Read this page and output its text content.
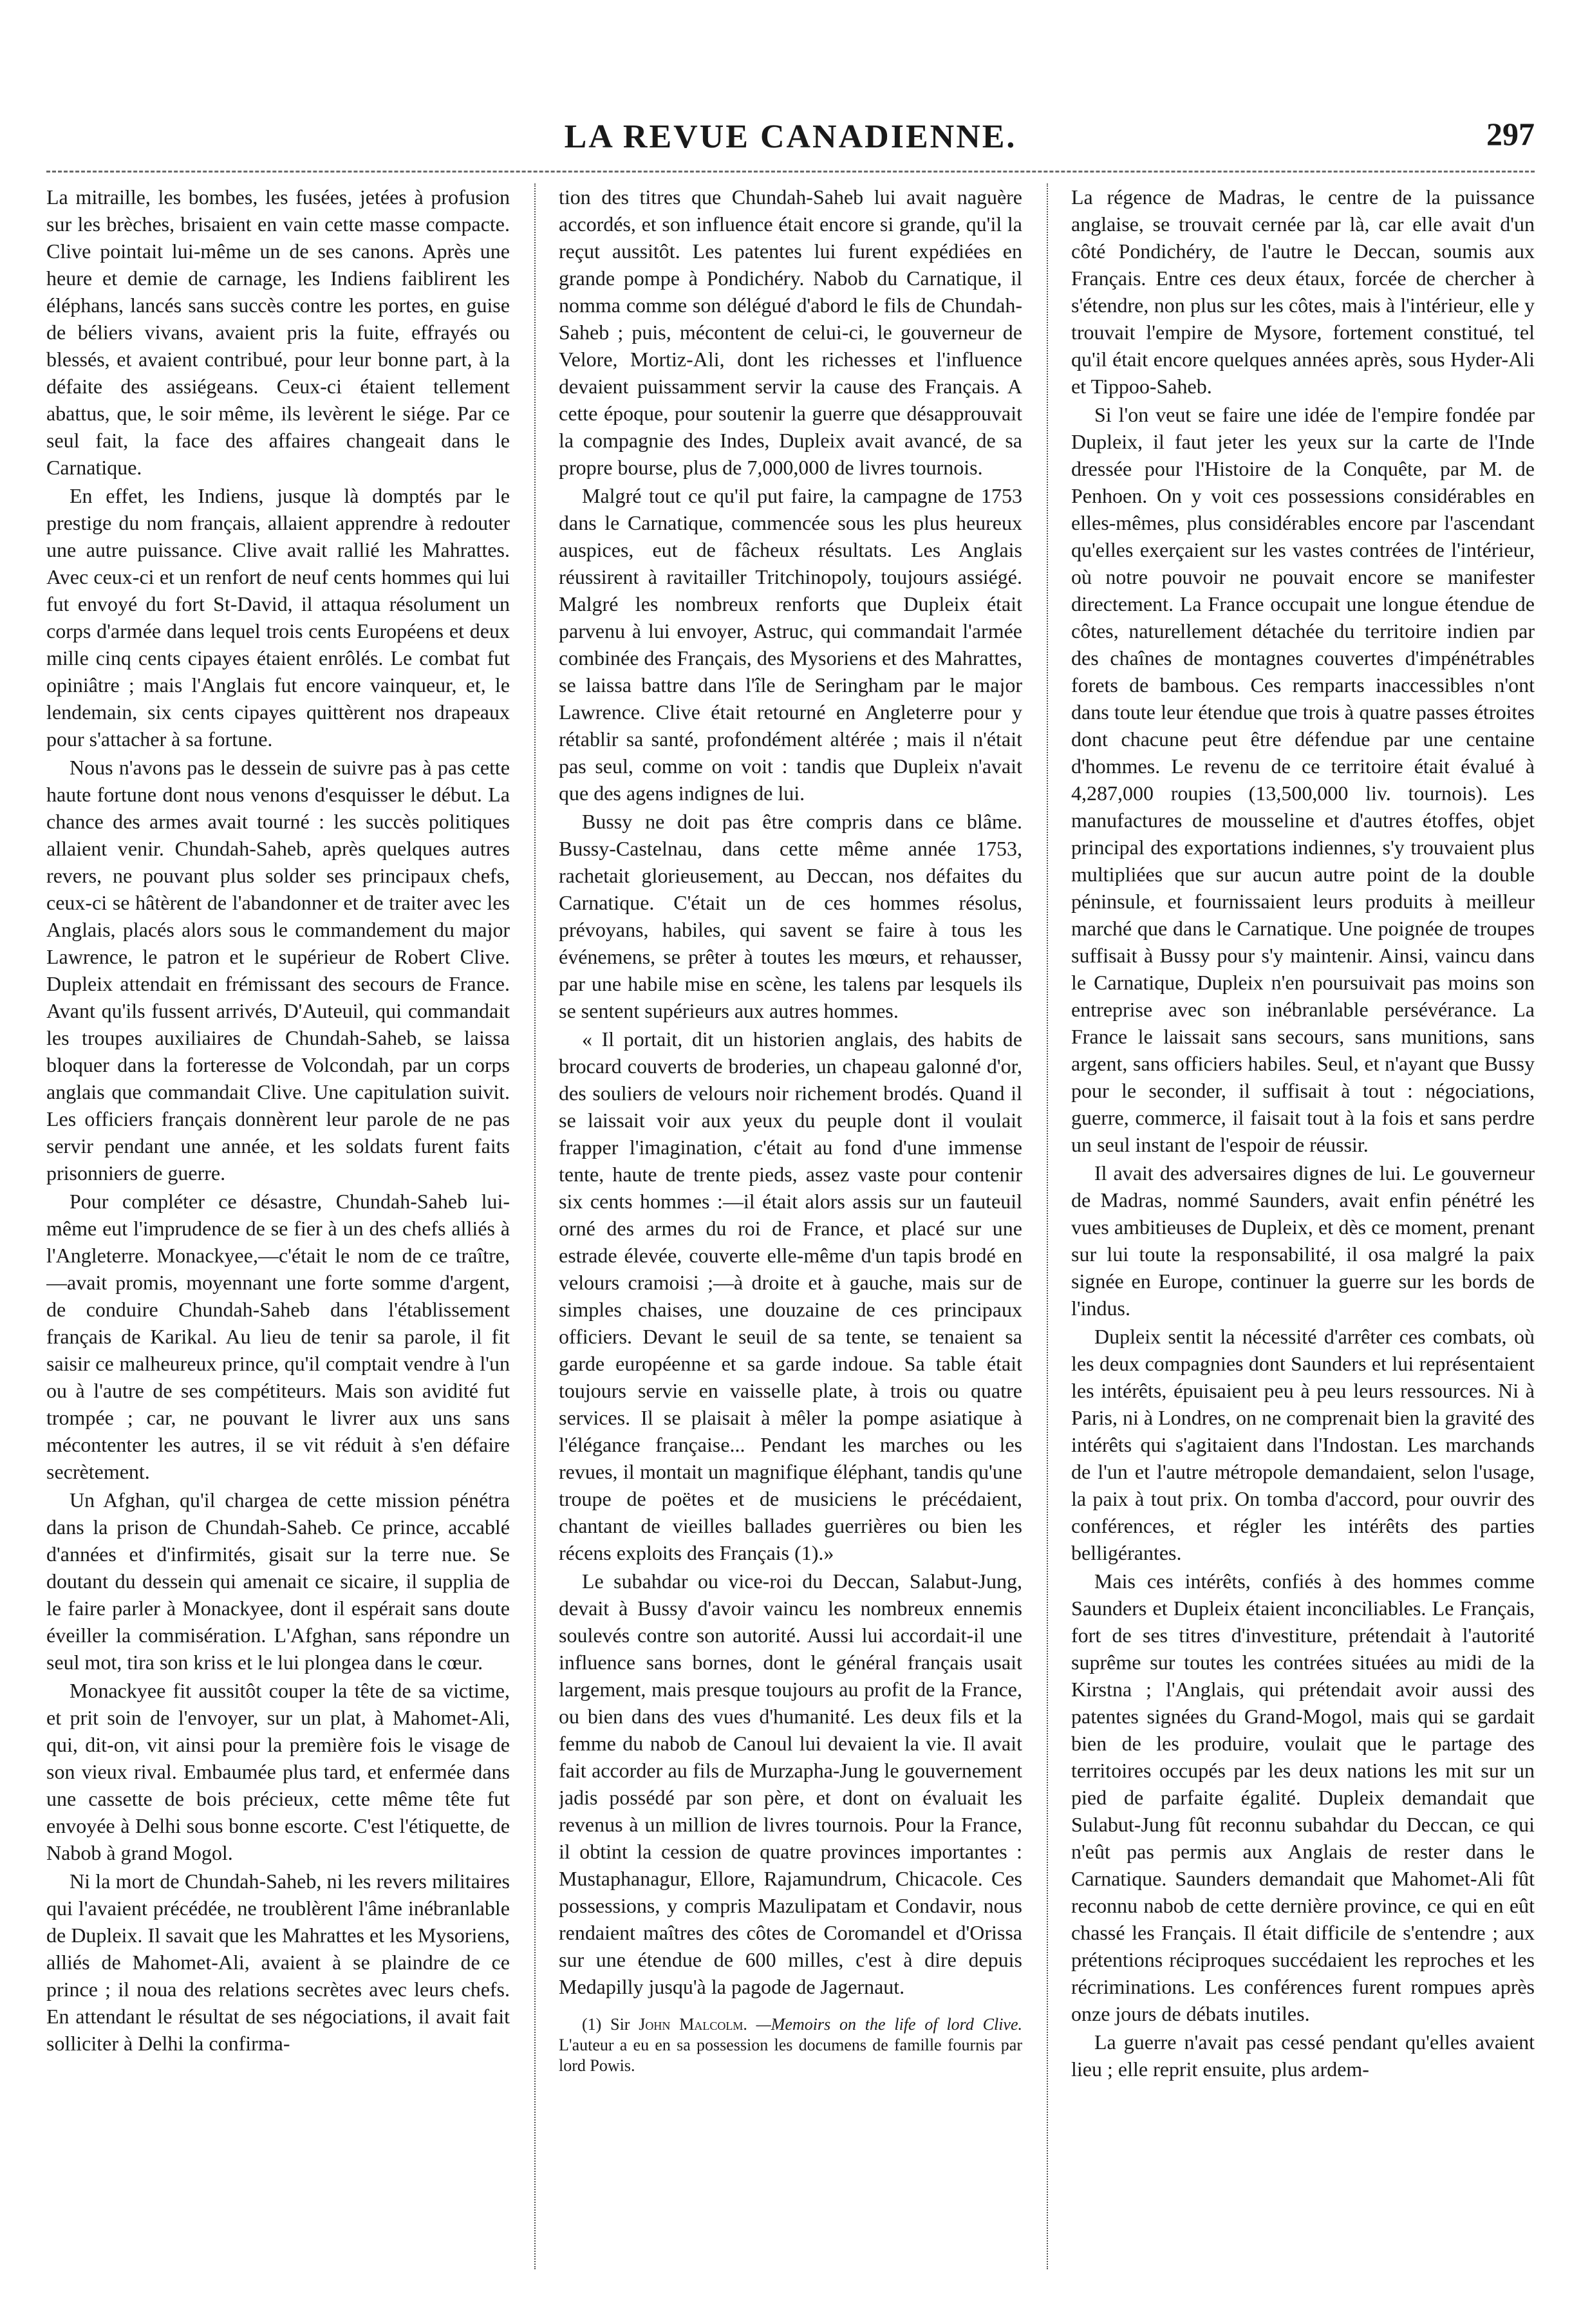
LA REVUE CANADIENNE.	297

La mitraille, les bombes, les fusées, jetées à profusion sur les brèches, brisaient en vain cette masse compacte. Clive pointait lui-même un de ses canons. Après une heure et demie de carnage, les Indiens faiblirent les éléphans, lancés sans succès contre les portes, en guise de béliers vivans, avaient pris la fuite, effrayés ou blessés, et avaient contribué, pour leur bonne part, à la défaite des assiégeans. Ceux-ci étaient tellement abattus, que, le soir même, ils levèrent le siége. Par ce seul fait, la face des affaires changeait dans le Carnatique.

En effet, les Indiens, jusque là domptés par le prestige du nom français, allaient apprendre à redouter une autre puissance. Clive avait rallié les Mahrattes. Avec ceux-ci et un renfort de neuf cents hommes qui lui fut envoyé du fort St-David, il attaqua résolument un corps d'armée dans lequel trois cents Européens et deux mille cinq cents cipayes étaient enrôlés. Le combat fut opiniâtre ; mais l'Anglais fut encore vainqueur, et, le lendemain, six cents cipayes quittèrent nos drapeaux pour s'attacher à sa fortune.

Nous n'avons pas le dessein de suivre pas à pas cette haute fortune dont nous venons d'esquisser le début. La chance des armes avait tourné : les succès politiques allaient venir. Chundah-Saheb, après quelques autres revers, ne pouvant plus solder ses principaux chefs, ceux-ci se hâtèrent de l'abandonner et de traiter avec les Anglais, placés alors sous le commandement du major Lawrence, le patron et le supérieur de Robert Clive. Dupleix attendait en frémissant des secours de France. Avant qu'ils fussent arrivés, D'Auteuil, qui commandait les troupes auxiliaires de Chundah-Saheb, se laissa bloquer dans la forteresse de Volcondah, par un corps anglais que commandait Clive. Une capitulation suivit. Les officiers français donnèrent leur parole de ne pas servir pendant une année, et les soldats furent faits prisonniers de guerre.

Pour compléter ce désastre, Chundah-Saheb lui-même eut l'imprudence de se fier à un des chefs alliés à l'Angleterre. Monackyee,—c'était le nom de ce traître,—avait promis, moyennant une forte somme d'argent, de conduire Chundah-Saheb dans l'établissement français de Karikal. Au lieu de tenir sa parole, il fit saisir ce malheureux prince, qu'il comptait vendre à l'un ou à l'autre de ses compétiteurs. Mais son avidité fut trompée ; car, ne pouvant le livrer aux uns sans mécontenter les autres, il se vit réduit à s'en défaire secrètement.

Un Afghan, qu'il chargea de cette mission pénétra dans la prison de Chundah-Saheb. Ce prince, accablé d'années et d'infirmités, gisait sur la terre nue. Se doutant du dessein qui amenait ce sicaire, il supplia de le faire parler à Monackyee, dont il espérait sans doute éveiller la commisération. L'Afghan, sans répondre un seul mot, tira son kriss et le lui plongea dans le cœur.

Monackyee fit aussitôt couper la tête de sa victime, et prit soin de l'envoyer, sur un plat, à Mahomet-Ali, qui, dit-on, vit ainsi pour la première fois le visage de son vieux rival. Embaumée plus tard, et enfermée dans une cassette de bois précieux, cette même tête fut envoyée à Delhi sous bonne escorte. C'est l'étiquette, de Nabob à grand Mogol.

Ni la mort de Chundah-Saheb, ni les revers militaires qui l'avaient précédée, ne troublèrent l'âme inébranlable de Dupleix. Il savait que les Mahrattes et les Mysoriens, alliés de Mahomet-Ali, avaient à se plaindre de ce prince ; il noua des relations secrètes avec leurs chefs. En attendant le résultat de ses négociations, il avait fait solliciter à Delhi la confirma-

tion des titres que Chundah-Saheb lui avait naguère accordés, et son influence était encore si grande, qu'il la reçut aussitôt. Les patentes lui furent expédiées en grande pompe à Pondichéry. Nabob du Carnatique, il nomma comme son délégué d'abord le fils de Chundah-Saheb ; puis, mécontent de celui-ci, le gouverneur de Velore, Mortiz-Ali, dont les richesses et l'influence devaient puissamment servir la cause des Français. A cette époque, pour soutenir la guerre que désapprouvait la compagnie des Indes, Dupleix avait avancé, de sa propre bourse, plus de 7,000,000 de livres tournois.

Malgré tout ce qu'il put faire, la campagne de 1753 dans le Carnatique, commencée sous les plus heureux auspices, eut de fâcheux résultats. Les Anglais réussirent à ravitailler Tritchinopoly, toujours assiégé. Malgré les nombreux renforts que Dupleix était parvenu à lui envoyer, Astruc, qui commandait l'armée combinée des Français, des Mysoriens et des Mahrattes, se laissa battre dans l'île de Seringham par le major Lawrence. Clive était retourné en Angleterre pour y rétablir sa santé, profondément altérée ; mais il n'était pas seul, comme on voit : tandis que Dupleix n'avait que des agens indignes de lui.

Bussy ne doit pas être compris dans ce blâme. Bussy-Castelnau, dans cette même année 1753, rachetait glorieusement, au Deccan, nos défaites du Carnatique. C'était un de ces hommes résolus, prévoyans, habiles, qui savent se faire à tous les événemens, se prêter à toutes les mœurs, et rehausser, par une habile mise en scène, les talens par lesquels ils se sentent supérieurs aux autres hommes.

« Il portait, dit un historien anglais, des habits de brocard couverts de broderies, un chapeau galonné d'or, des souliers de velours noir richement brodés. Quand il se laissait voir aux yeux du peuple dont il voulait frapper l'imagination, c'était au fond d'une immense tente, haute de trente pieds, assez vaste pour contenir six cents hommes :—il était alors assis sur un fauteuil orné des armes du roi de France, et placé sur une estrade élevée, couverte elle-même d'un tapis brodé en velours cramoisi ;—à droite et à gauche, mais sur de simples chaises, une douzaine de ces principaux officiers. Devant le seuil de sa tente, se tenaient sa garde européenne et sa garde indoue. Sa table était toujours servie en vaisselle plate, à trois ou quatre services. Il se plaisait à mêler la pompe asiatique à l'élégance française... Pendant les marches ou les revues, il montait un magnifique éléphant, tandis qu'une troupe de poëtes et de musiciens le précédaient, chantant de vieilles ballades guerrières ou bien les récens exploits des Français (1).»

Le subahdar ou vice-roi du Deccan, Salabut-Jung, devait à Bussy d'avoir vaincu les nombreux ennemis soulevés contre son autorité. Aussi lui accordait-il une influence sans bornes, dont le général français usait largement, mais presque toujours au profit de la France, ou bien dans des vues d'humanité. Les deux fils et la femme du nabob de Canoul lui devaient la vie. Il avait fait accorder au fils de Murzapha-Jung le gouvernement jadis possédé par son père, et dont on évaluait les revenus à un million de livres tournois. Pour la France, il obtint la cession de quatre provinces importantes : Mustaphanagur, Ellore, Rajamundrum, Chicacole. Ces possessions, y compris Mazulipatam et Condavir, nous rendaient maîtres des côtes de Coromandel et d'Orissa sur une étendue de 600 milles, c'est à dire depuis Medapilly jusqu'à la pagode de Jagernaut.

(1) Sir John Malcolm. —Memoirs on the life of lord Clive. L'auteur a eu en sa possession les documens de famille fournis par lord Powis.

La régence de Madras, le centre de la puissance anglaise, se trouvait cernée par là, car elle avait d'un côté Pondichéry, de l'autre le Deccan, soumis aux Français. Entre ces deux étaux, forcée de chercher à s'étendre, non plus sur les côtes, mais à l'intérieur, elle y trouvait l'empire de Mysore, fortement constitué, tel qu'il était encore quelques années après, sous Hyder-Ali et Tippoo-Saheb.

Si l'on veut se faire une idée de l'empire fondée par Dupleix, il faut jeter les yeux sur la carte de l'Inde dressée pour l'Histoire de la Conquête, par M. de Penhoen. On y voit ces possessions considérables en elles-mêmes, plus considérables encore par l'ascendant qu'elles exerçaient sur les vastes contrées de l'intérieur, où notre pouvoir ne pouvait encore se manifester directement. La France occupait une longue étendue de côtes, naturellement détachée du territoire indien par des chaînes de montagnes couvertes d'impénétrables forets de bambous. Ces remparts inaccessibles n'ont dans toute leur étendue que trois à quatre passes étroites dont chacune peut être défendue par une centaine d'hommes. Le revenu de ce territoire était évalué à 4,287,000 roupies (13,500,000 liv. tournois). Les manufactures de mousseline et d'autres étoffes, objet principal des exportations indiennes, s'y trouvaient plus multipliées que sur aucun autre point de la double péninsule, et fournissaient leurs produits à meilleur marché que dans le Carnatique. Une poignée de troupes suffisait à Bussy pour s'y maintenir. Ainsi, vaincu dans le Carnatique, Dupleix n'en poursuivait pas moins son entreprise avec son inébranlable persévérance. La France le laissait sans secours, sans munitions, sans argent, sans officiers habiles. Seul, et n'ayant que Bussy pour le seconder, il suffisait à tout : négociations, guerre, commerce, il faisait tout à la fois et sans perdre un seul instant de l'espoir de réussir.

Il avait des adversaires dignes de lui. Le gouverneur de Madras, nommé Saunders, avait enfin pénétré les vues ambitieuses de Dupleix, et dès ce moment, prenant sur lui toute la responsabilité, il osa malgré la paix signée en Europe, continuer la guerre sur les bords de l'indus.

Dupleix sentit la nécessité d'arrêter ces combats, où les deux compagnies dont Saunders et lui représentaient les intérêts, épuisaient peu à peu leurs ressources. Ni à Paris, ni à Londres, on ne comprenait bien la gravité des intérêts qui s'agitaient dans l'Indostan. Les marchands de l'un et l'autre métropole demandaient, selon l'usage, la paix à tout prix. On tomba d'accord, pour ouvrir des conférences, et régler les intérêts des parties belligérantes.

Mais ces intérêts, confiés à des hommes comme Saunders et Dupleix étaient inconciliables. Le Français, fort de ses titres d'investiture, prétendait à l'autorité suprême sur toutes les contrées situées au midi de la Kirstna ; l'Anglais, qui prétendait avoir aussi des patentes signées du Grand-Mogol, mais qui se gardait bien de les produire, voulait que le partage des territoires occupés par les deux nations les mit sur un pied de parfaite égalité. Dupleix demandait que Sulabut-Jung fût reconnu subahdar du Deccan, ce qui n'eût pas permis aux Anglais de rester dans le Carnatique. Saunders demandait que Mahomet-Ali fût reconnu nabob de cette dernière province, ce qui en eût chassé les Français. Il était difficile de s'entendre ; aux prétentions réciproques succédaient les reproches et les récriminations. Les conférences furent rompues après onze jours de débats inutiles.

La guerre n'avait pas cessé pendant qu'elles avaient lieu ; elle reprit ensuite, plus ardem-
